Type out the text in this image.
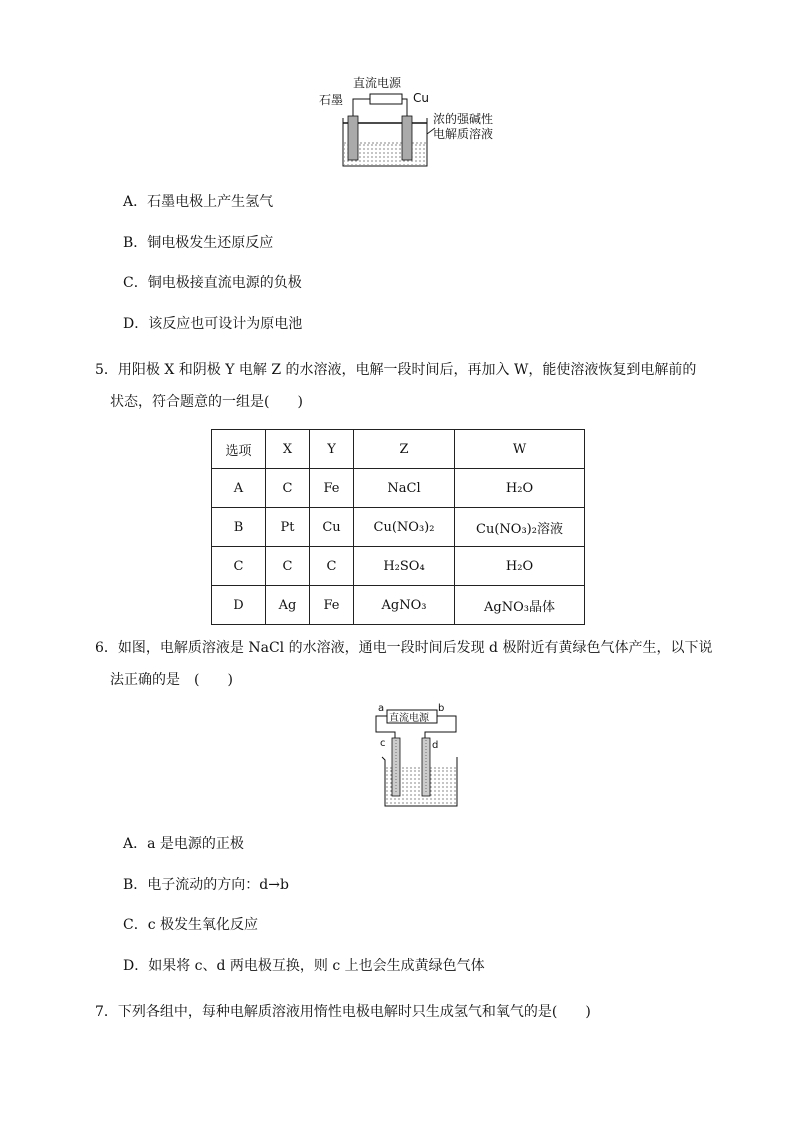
直流电源
石墨	Cu
浓的强碱性
电解质溶液
A．石墨电极上产生氢气
B．铜电极发生还原反应
C．铜电极接直流电源的负极
D．该反应也可设计为原电池
5．用阳极 X 和阴极 Y 电解 Z 的水溶液，电解一段时间后，再加入 W，能使溶液恢复到电解前的
状态，符合题意的一组是(　　)
选项	X	Y	Z	W
A	C	Fe	NaCl	H₂O
B	Pt	Cu	Cu(NO₃)₂	Cu(NO₃)₂溶液
C	C	C	H₂SO₄	H₂O
D	Ag	Fe	AgNO₃	AgNO₃晶体
6．如图，电解质溶液是 NaCl 的水溶液，通电一段时间后发现 d 极附近有黄绿色气体产生，以下说
法正确的是　(　　)
直流电源
a	b
c	d
A．a 是电源的正极
B．电子流动的方向：d→b
C．c 极发生氧化反应
D．如果将 c、d 两电极互换，则 c 上也会生成黄绿色气体
7．下列各组中，每种电解质溶液用惰性电极电解时只生成氢气和氧气的是(　　)
